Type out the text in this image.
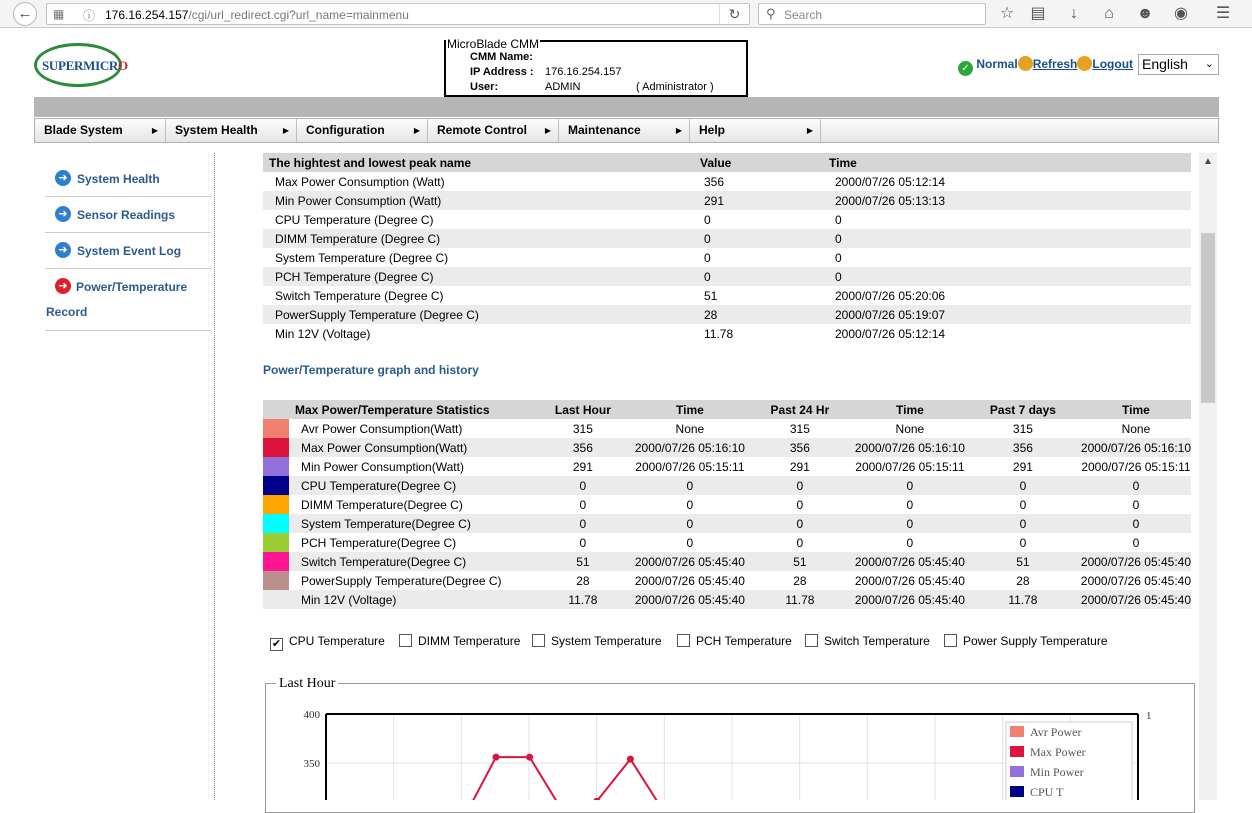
←	▦ ⓘ 176.16.254.157/cgi/url_redirect.cgi?url_name=mainmenu	↻	⚲ Search	☆ ▤	↓	⌂	☻ ◉ ☰
SUPERMICRO
MicroBlade CMM
CMM Name:
IP Address : 176.16.254.157
User:	ADMIN	( Administrator )
✓ Normal Refresh Logout English ⌄
Blade System	▶	System Health	▶	Configuration	▶	Remote Control ▶	Maintenance	▶	Help	▶
➜ System Health
➜ Sensor Readings
➜ System Event Log
➜ Power/Temperature
Record
The hightest and lowest peak name	Value	Time
Max Power Consumption (Watt)	356	2000/07/26 05:12:14
Min Power Consumption (Watt)	291	2000/07/26 05:13:13
CPU Temperature (Degree C)	0	0
DIMM Temperature (Degree C)	0	0
System Temperature (Degree C)	0	0
PCH Temperature (Degree C)	0	0
Switch Temperature (Degree C)	51	2000/07/26 05:20:06
PowerSupply Temperature (Degree C)	28	2000/07/26 05:19:07
Min 12V (Voltage)	11.78	2000/07/26 05:12:14
Power/Temperature graph and history
	Max Power/Temperature Statistics	Last Hour	Time	Past 24 Hr	Time	Past 7 days	Time

	Avr Power Consumption(Watt)	315	None	315	None	315	None

	Max Power Consumption(Watt)	356	2000/07/26 05:16:10	356	2000/07/26 05:16:10	356	2000/07/26 05:16:10

	Min Power Consumption(Watt)	291	2000/07/26 05:15:11	291	2000/07/26 05:15:11	291	2000/07/26 05:15:11

	CPU Temperature(Degree C)	0	0	0	0	0	0

	DIMM Temperature(Degree C)	0	0	0	0	0	0

	System Temperature(Degree C)	0	0	0	0	0	0

	PCH Temperature(Degree C)	0	0	0	0	0	0

	Switch Temperature(Degree C)	51	2000/07/26 05:45:40	51	2000/07/26 05:45:40	51	2000/07/26 05:45:40

	PowerSupply Temperature(Degree C)	28	2000/07/26 05:45:40	28	2000/07/26 05:45:40	28	2000/07/26 05:45:40

	Min 12V (Voltage)	11.78	2000/07/26 05:45:40	11.78	2000/07/26 05:45:40	11.78	2000/07/26 05:45:40
✔ CPU Temperature	DIMM Temperature	System Temperature	PCH Temperature	Switch Temperature	Power Supply Temperature
Last Hour
400
350
1
Avr Power
Max Power
Min Power
CPU T
▲
